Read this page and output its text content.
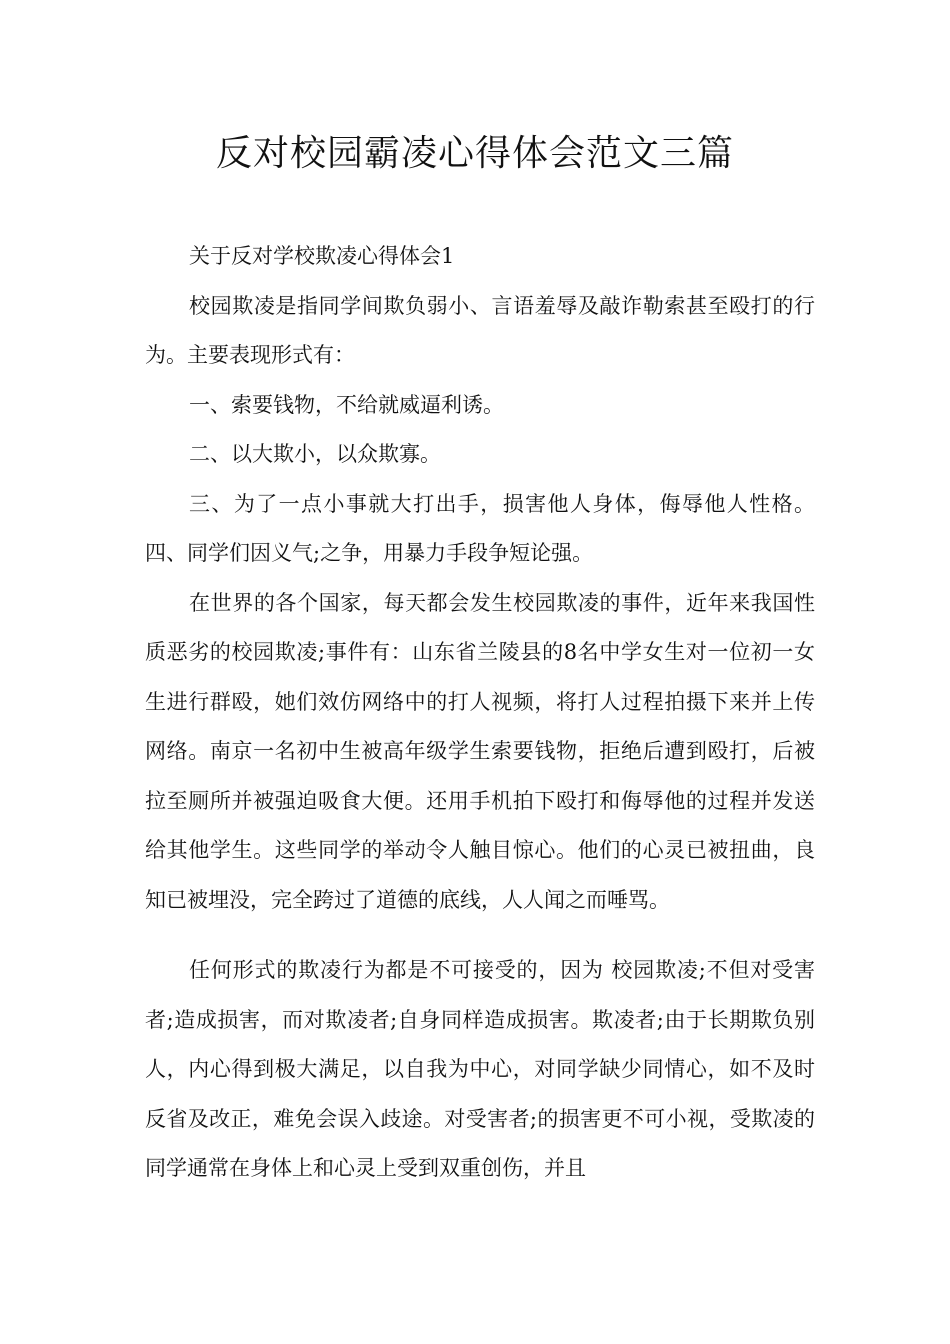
反对校园霸凌心得体会范文三篇

关于反对学校欺凌心得体会1

校园欺凌是指同学间欺负弱小、言语羞辱及敲诈勒索甚至殴打的行为。主要表现形式有：

一、索要钱物，不给就威逼利诱。

二、以大欺小，以众欺寡。

三、为了一点小事就大打出手，损害他人身体，侮辱他人性格。四、同学们因义气;之争，用暴力手段争短论强。

在世界的各个国家，每天都会发生校园欺凌的事件，近年来我国性质恶劣的校园欺凌;事件有：山东省兰陵县的8名中学女生对一位初一女生进行群殴，她们效仿网络中的打人视频，将打人过程拍摄下来并上传网络。南京一名初中生被高年级学生索要钱物，拒绝后遭到殴打，后被拉至厕所并被强迫吸食大便。还用手机拍下殴打和侮辱他的过程并发送给其他学生。这些同学的举动令人触目惊心。他们的心灵已被扭曲，良知已被埋没，完全跨过了道德的底线，人人闻之而唾骂。

任何形式的欺凌行为都是不可接受的，因为 校园欺凌;不但对受害者;造成损害，而对欺凌者;自身同样造成损害。欺凌者;由于长期欺负别人，内心得到极大满足，以自我为中心，对同学缺少同情心，如不及时反省及改正，难免会误入歧途。对受害者;的损害更不可小视，受欺凌的同学通常在身体上和心灵上受到双重创伤，并且
